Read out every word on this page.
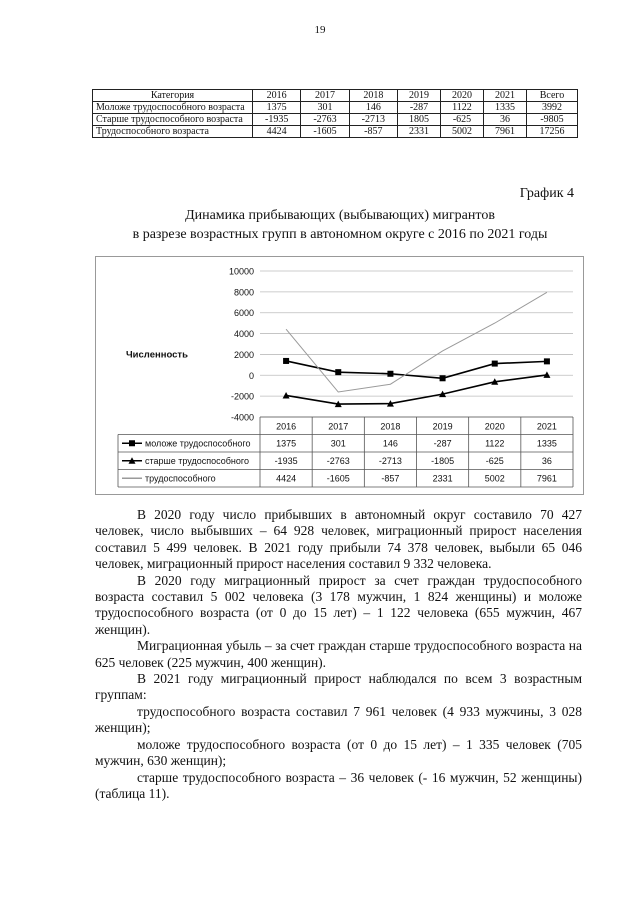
19
Категория	2016	2017	2018	2019	2020	2021	Всего
Моложе трудоспособного возраста	1375	301	146	-287	1122	1335	3992
Старше трудоспособного возраста	-1935	-2763	-2713	1805	-625	36	-9805
Трудоспособного возраста	4424	-1605	-857	2331	5002	7961	17256
График 4
Динамика прибывающих (выбывающих) мигрантов
в разрезе возрастных групп в автономном округе с 2016 по 2021 годы
10000
8000
6000
4000
2000
0
-2000
-4000
Численность
2016	2017	2018	2019	2020	2021
моложе трудоспособного	1375	301	146	-287	1122	1335
старше трудоспособного	-1935	-2763	-2713	-1805	-625	36
трудоспособного	4424	-1605	-857	2331	5002	7961

В 2020 году число прибывших в автономный округ составило 70 427 человек, число выбывших – 64 928 человек, миграционный прирост населения составил 5 499 человек. В 2021 году прибыли 74 378 человек, выбыли 65 046 человек, миграционный прирост населения составил 9 332 человека.

В 2020 году миграционный прирост за счет граждан трудоспособного возраста составил 5 002 человека (3 178 мужчин, 1 824 женщины) и моложе трудоспособного возраста (от 0 до 15 лет) – 1 122 человека (655 мужчин, 467 женщин).

Миграционная убыль – за счет граждан старше трудоспособного возраста на 625 человек (225 мужчин, 400 женщин).

В 2021 году миграционный прирост наблюдался по всем 3 возрастным группам:

трудоспособного возраста составил 7 961 человек (4 933 мужчины, 3 028 женщин);

моложе трудоспособного возраста (от 0 до 15 лет) – 1 335 человек (705 мужчин, 630 женщин);

старше трудоспособного возраста – 36 человек (- 16 мужчин, 52 женщины) (таблица 11).
